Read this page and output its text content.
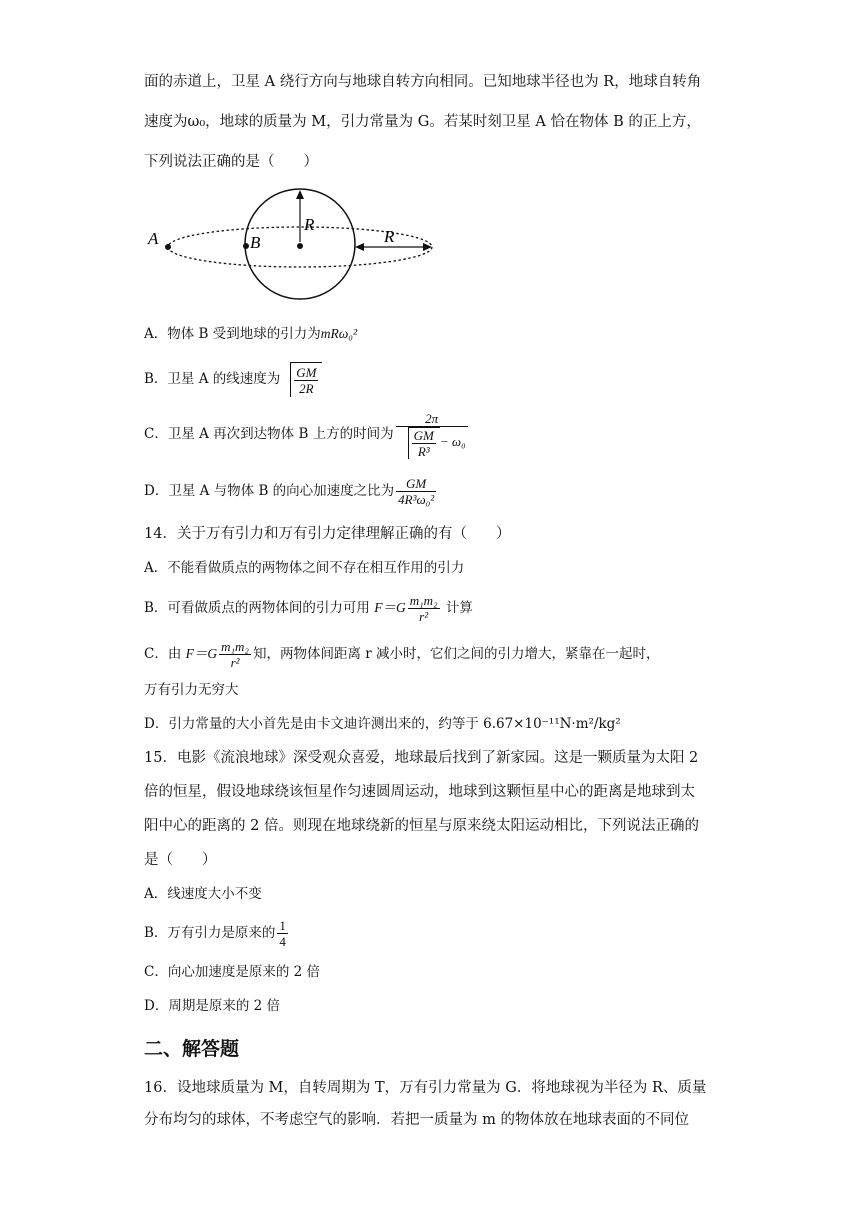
面的赤道上，卫星 A 绕行方向与地球自转方向相同。已知地球半径也为 R，地球自转角
速度为ω₀，地球的质量为 M，引力常量为 G。若某时刻卫星 A 恰在物体 B 的正上方，
下列说法正确的是（　　）
A	B
R
R
A．物体 B 受到地球的引力为mRω₀²
B．卫星 A 的线速度为 $\frac{GM}{2R}$
C．卫星 A 再次到达物体 B 上方的时间为 $\frac{2\pi}{\frac{GM}{\text{R³}} - \omega_0}$
D．卫星 A 与物体 B 的向心加速度之比为 $\frac{GM}{\text{4R³ω₀²}}$
14．关于万有引力和万有引力定律理解正确的有（　　）
A．不能看做质点的两物体之间不存在相互作用的引力
B．可看做质点的两物体间的引力可用 $F=G \frac{\text{m₁m₂}}{\text{r²}}$ 计算
C．由 $F=G \frac{\text{m₁m₂}}{\text{r²}}$ 知，两物体间距离 r 减小时，它们之间的引力增大，紧靠在一起时，
万有引力无穷大
D．引力常量的大小首先是由卡文迪许测出来的，约等于 6.67×10⁻¹¹N·m²/kg²
15．电影《流浪地球》深受观众喜爱，地球最后找到了新家园。这是一颗质量为太阳 2
倍的恒星，假设地球绕该恒星作匀速圆周运动，地球到这颗恒星中心的距离是地球到太
阳中心的距离的 2 倍。则现在地球绕新的恒星与原来绕太阳运动相比，下列说法正确的
是（　　）
A．线速度大小不变
B．万有引力是原来的 $\frac{1}{4}$
C．向心加速度是原来的 2 倍
D．周期是原来的 2 倍
二、解答题
16．设地球质量为 M，自转周期为 T，万有引力常量为 G．将地球视为半径为 R、质量
分布均匀的球体，不考虑空气的影响．若把一质量为 m 的物体放在地球表面的不同位
